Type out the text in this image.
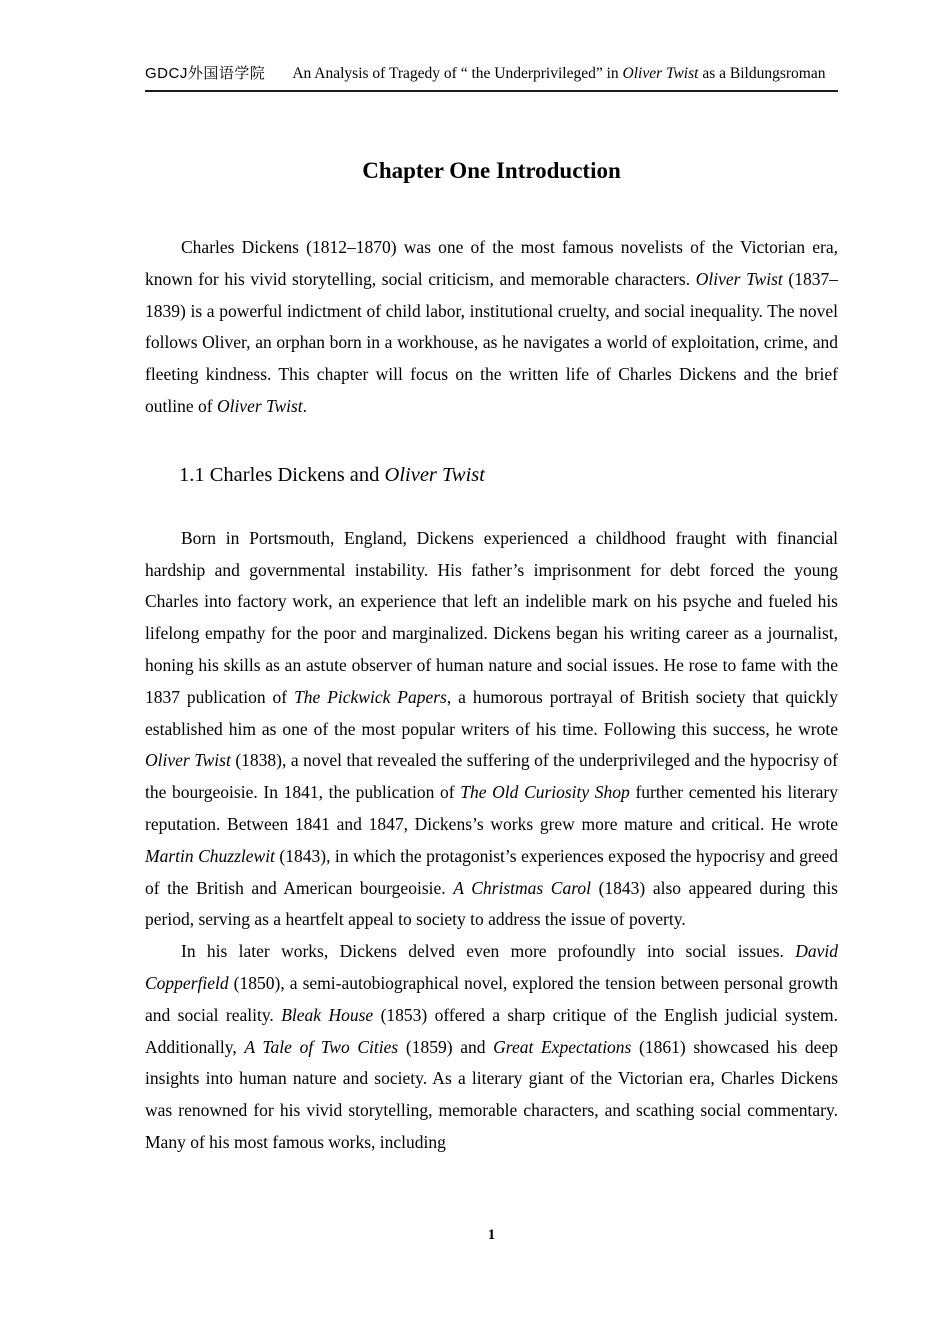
GDCJ外国语学院 An Analysis of Tragedy of “ the Underprivileged” in Oliver Twist as a Bildungsroman
Chapter One Introduction

Charles Dickens (1812–1870) was one of the most famous novelists of the Victorian era, known for his vivid storytelling, social criticism, and memorable characters. Oliver Twist (1837–1839) is a powerful indictment of child labor, institutional cruelty, and social inequality. The novel follows Oliver, an orphan born in a workhouse, as he navigates a world of exploitation, crime, and fleeting kindness. This chapter will focus on the written life of Charles Dickens and the brief outline of Oliver Twist.

1.1 Charles Dickens and Oliver Twist

Born in Portsmouth, England, Dickens experienced a childhood fraught with financial hardship and governmental instability. His father’s imprisonment for debt forced the young Charles into factory work, an experience that left an indelible mark on his psyche and fueled his lifelong empathy for the poor and marginalized. Dickens began his writing career as a journalist, honing his skills as an astute observer of human nature and social issues. He rose to fame with the 1837 publication of The Pickwick Papers, a humorous portrayal of British society that quickly established him as one of the most popular writers of his time. Following this success, he wrote Oliver Twist (1838), a novel that revealed the suffering of the underprivileged and the hypocrisy of the bourgeoisie. In 1841, the publication of The Old Curiosity Shop further cemented his literary reputation. Between 1841 and 1847, Dickens’s works grew more mature and critical. He wrote Martin Chuzzlewit (1843), in which the protagonist’s experiences exposed the hypocrisy and greed of the British and American bourgeoisie. A Christmas Carol (1843) also appeared during this period, serving as a heartfelt appeal to society to address the issue of poverty.

In his later works, Dickens delved even more profoundly into social issues. David Copperfield (1850), a semi-autobiographical novel, explored the tension between personal growth and social reality. Bleak House (1853) offered a sharp critique of the English judicial system. Additionally, A Tale of Two Cities (1859) and Great Expectations (1861) showcased his deep insights into human nature and society. As a literary giant of the Victorian era, Charles Dickens was renowned for his vivid storytelling, memorable characters, and scathing social commentary. Many of his most famous works, including

1
